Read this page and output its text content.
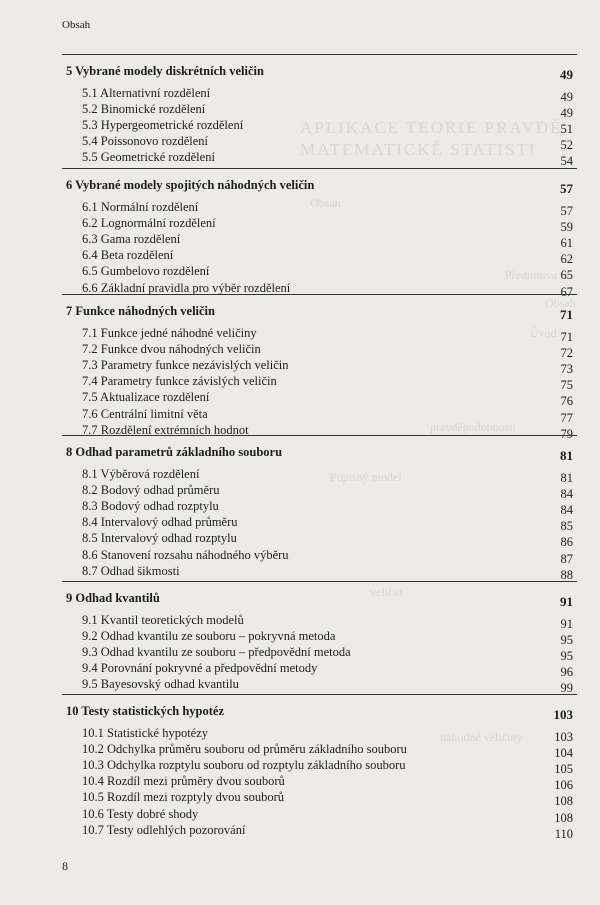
APLIKACE TEORIE PRAVDĚ
MATEMATICKÉ STATISTI
Obsah
Předmluva
Obsah
Úvod
pravděpodobnosti
Popisný model
veličin
náhodné veličiny
Obsah
5 Vybrané modely diskrétních veličin	49
5.1 Alternativní rozdělení	49
5.2 Binomické rozdělení	49
5.3 Hypergeometrické rozdělení	51
5.4 Poissonovo rozdělení	52
5.5 Geometrické rozdělení	54
6 Vybrané modely spojitých náhodných veličin	57
6.1 Normální rozdělení	57
6.2 Lognormální rozdělení	59
6.3 Gama rozdělení	61
6.4 Beta rozdělení	62
6.5 Gumbelovo rozdělení	65
6.6 Základní pravidla pro výběr rozdělení	67
7 Funkce náhodných veličin	71
7.1 Funkce jedné náhodné veličiny	71
7.2 Funkce dvou náhodných veličin	72
7.3 Parametry funkce nezávislých veličin	73
7.4 Parametry funkce závislých veličin	75
7.5 Aktualizace rozdělení	76
7.6 Centrální limitní věta	77
7.7 Rozdělení extrémních hodnot	79
8 Odhad parametrů základního souboru	81
8.1 Výběrová rozdělení	81
8.2 Bodový odhad průměru	84
8.3 Bodový odhad rozptylu	84
8.4 Intervalový odhad průměru	85
8.5 Intervalový odhad rozptylu	86
8.6 Stanovení rozsahu náhodného výběru	87
8.7 Odhad šikmosti	88
9 Odhad kvantilů	91
9.1 Kvantil teoretických modelů	91
9.2 Odhad kvantilu ze souboru – pokryvná metoda	95
9.3 Odhad kvantilu ze souboru – předpovědní metoda	95
9.4 Porovnání pokryvné a předpovědní metody	96
9.5 Bayesovský odhad kvantilu	99
10 Testy statistických hypotéz	103
10.1 Statistické hypotézy	103
10.2 Odchylka průměru souboru od průměru základního souboru	104
10.3 Odchylka rozptylu souboru od rozptylu základního souboru	105
10.4 Rozdíl mezi průměry dvou souborů	106
10.5 Rozdíl mezi rozptyly dvou souborů	108
10.6 Testy dobré shody	108
10.7 Testy odlehlých pozorování	110
8
